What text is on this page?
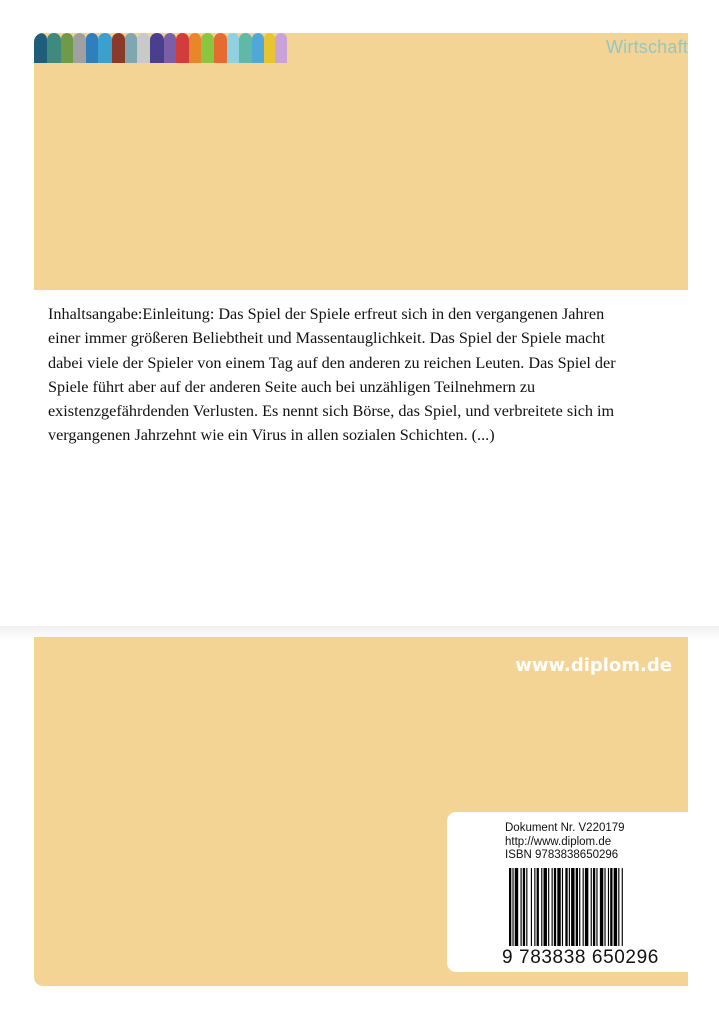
Wirtschaft
Inhaltsangabe:Einleitung: Das Spiel der Spiele erfreut sich in den vergangenen Jahren
einer immer größeren Beliebtheit und Massentauglichkeit. Das Spiel der Spiele macht
dabei viele der Spieler von einem Tag auf den anderen zu reichen Leuten. Das Spiel der
Spiele führt aber auf der anderen Seite auch bei unzähligen Teilnehmern zu
existenzgefährdenden Verlusten. Es nennt sich Börse, das Spiel, und verbreitete sich im
vergangenen Jahrzehnt wie ein Virus in allen sozialen Schichten. (...)
www.diplom.de
Dokument Nr. V220179
http://www.diplom.de
ISBN 9783838650296
9 783838 650296
